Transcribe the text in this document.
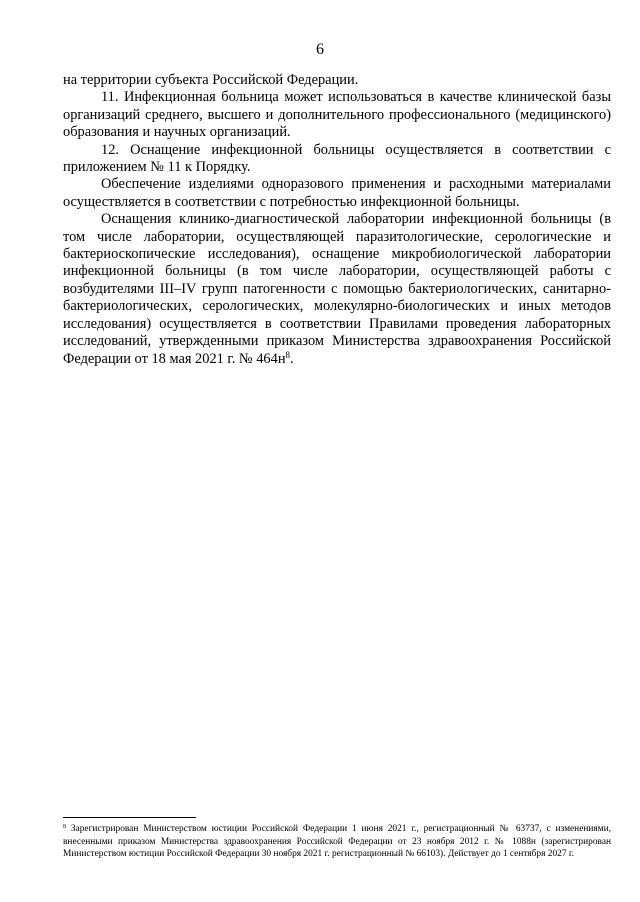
6

на территории субъекта Российской Федерации.

11. Инфекционная больница может использоваться в качестве клинической базы организаций среднего, высшего и дополнительного профессионального (медицинского) образования и научных организаций.

12. Оснащение инфекционной больницы осуществляется в соответствии с приложением № 11 к Порядку.

Обеспечение изделиями одноразового применения и расходными материалами осуществляется в соответствии с потребностью инфекционной больницы.

Оснащения клинико-диагностической лаборатории инфекционной больницы (в том числе лаборатории, осуществляющей паразитологические, серологические и бактериоскопические исследования), оснащение микробиологической лаборатории инфекционной больницы (в том числе лаборатории, осуществляющей работы с возбудителями III–IV групп патогенности с помощью бактериологических, санитарно-бактериологических, серологических, молекулярно-биологических и иных методов исследования) осуществляется в соответствии Правилами проведения лабораторных исследований, утвержденными приказом Министерства здравоохранения Российской Федерации от 18 мая 2021 г. № $464н^8$.

$^8$ Зарегистрирован Министерством юстиции Российской Федерации 1 июня 2021 г., регистрационный № 63737, с изменениями, внесенными приказом Министерства здравоохранения Российской Федерации от 23 ноября 2012 г. № 1088н (зарегистрирован Министерством юстиции Российской Федерации 30 ноября 2021 г. регистрационный № 66103). Действует до 1 сентября 2027 г.
